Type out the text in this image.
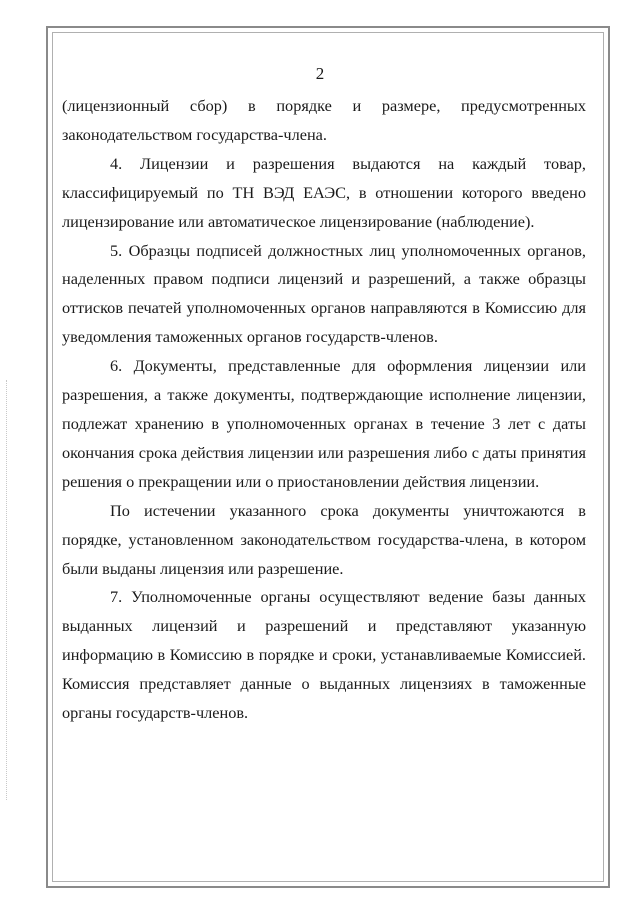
2

(лицензионный сбор) в порядке и размере, предусмотренных законодательством государства-члена.

4. Лицензии и разрешения выдаются на каждый товар, классифицируемый по ТН ВЭД ЕАЭС, в отношении которого введено лицензирование или автоматическое лицензирование (наблюдение).

5. Образцы подписей должностных лиц уполномоченных органов, наделенных правом подписи лицензий и разрешений, а также образцы оттисков печатей уполномоченных органов направляются в Комиссию для уведомления таможенных органов государств-членов.

6. Документы, представленные для оформления лицензии или разрешения, а также документы, подтверждающие исполнение лицензии, подлежат хранению в уполномоченных органах в течение 3 лет с даты окончания срока действия лицензии или разрешения либо с даты принятия решения о прекращении или о приостановлении действия лицензии.

По истечении указанного срока документы уничтожаются в порядке, установленном законодательством государства-члена, в котором были выданы лицензия или разрешение.

7. Уполномоченные органы осуществляют ведение базы данных выданных лицензий и разрешений и представляют указанную информацию в Комиссию в порядке и сроки, устанавливаемые Комиссией. Комиссия представляет данные о выданных лицензиях в таможенные органы государств-членов.
